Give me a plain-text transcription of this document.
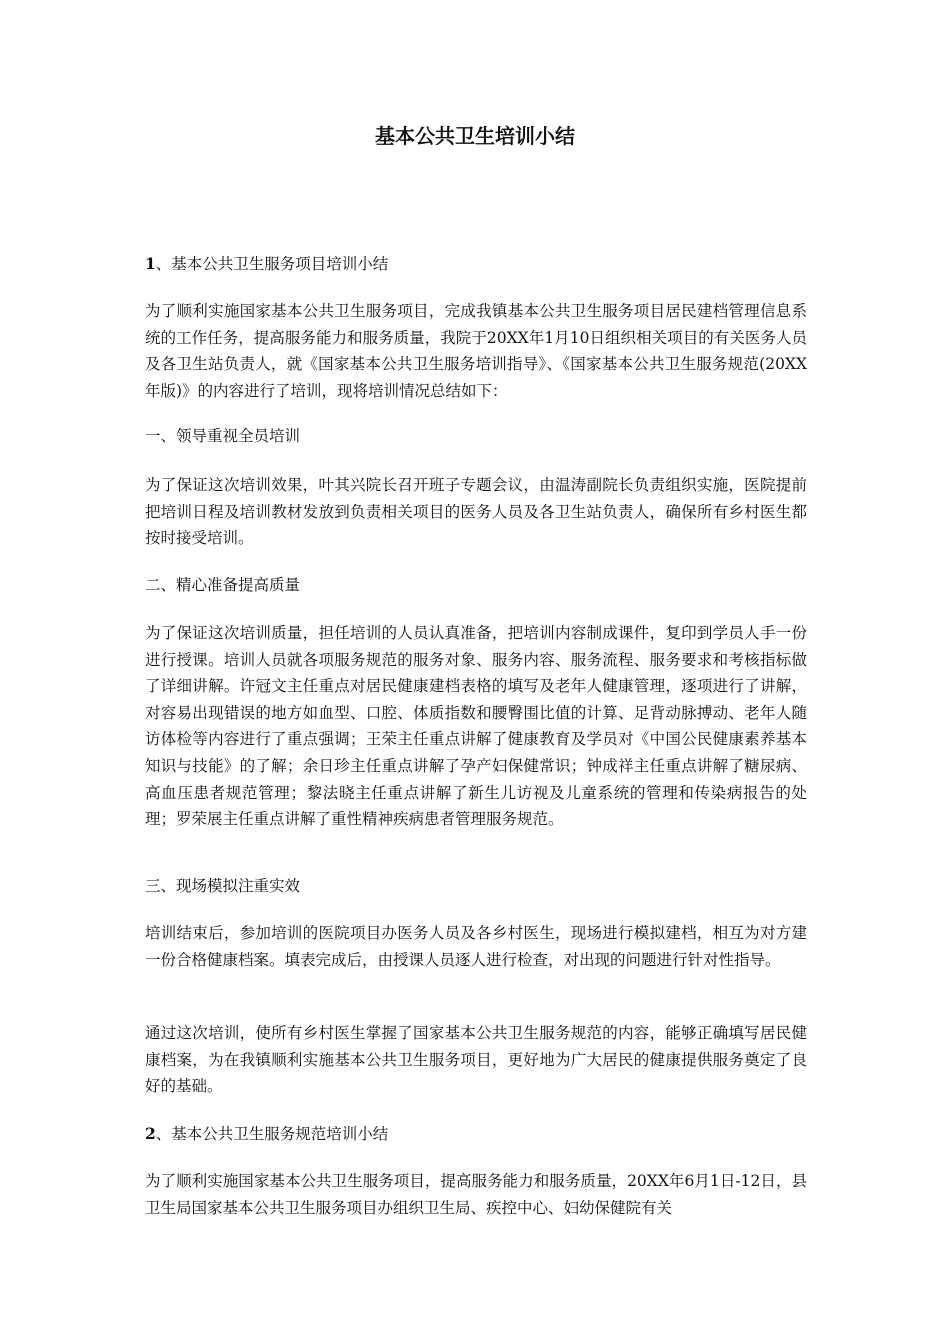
基本公共卫生培训小结

1、基本公共卫生服务项目培训小结

为了顺利实施国家基本公共卫生服务项目，完成我镇基本公共卫生服务项目居民建档管理信息系统的工作任务，提高服务能力和服务质量，我院于20XX年1月10日组织相关项目的有关医务人员及各卫生站负责人，就《国家基本公共卫生服务培训指导》、《国家基本公共卫生服务规范(20XX年版)》的内容进行了培训，现将培训情况总结如下：

一、领导重视全员培训

为了保证这次培训效果，叶其兴院长召开班子专题会议，由温涛副院长负责组织实施，医院提前把培训日程及培训教材发放到负责相关项目的医务人员及各卫生站负责人，确保所有乡村医生都按时接受培训。

二、精心准备提高质量

为了保证这次培训质量，担任培训的人员认真准备，把培训内容制成课件，复印到学员人手一份进行授课。培训人员就各项服务规范的服务对象、服务内容、服务流程、服务要求和考核指标做了详细讲解。许冠文主任重点对居民健康建档表格的填写及老年人健康管理，逐项进行了讲解，对容易出现错误的地方如血型、口腔、体质指数和腰臀围比值的计算、足背动脉搏动、老年人随访体检等内容进行了重点强调；王荣主任重点讲解了健康教育及学员对《中国公民健康素养基本知识与技能》的了解；余日珍主任重点讲解了孕产妇保健常识；钟成祥主任重点讲解了糖尿病、高血压患者规范管理；黎法晓主任重点讲解了新生儿访视及儿童系统的管理和传染病报告的处理；罗荣展主任重点讲解了重性精神疾病患者管理服务规范。

三、现场模拟注重实效

培训结束后，参加培训的医院项目办医务人员及各乡村医生，现场进行模拟建档，相互为对方建一份合格健康档案。填表完成后，由授课人员逐人进行检查，对出现的问题进行针对性指导。

通过这次培训，使所有乡村医生掌握了国家基本公共卫生服务规范的内容，能够正确填写居民健康档案，为在我镇顺利实施基本公共卫生服务项目，更好地为广大居民的健康提供服务奠定了良好的基础。

2、基本公共卫生服务规范培训小结

为了顺利实施国家基本公共卫生服务项目，提高服务能力和服务质量，20XX年6月1日-12日，县卫生局国家基本公共卫生服务项目办组织卫生局、疾控中心、妇幼保健院有关
